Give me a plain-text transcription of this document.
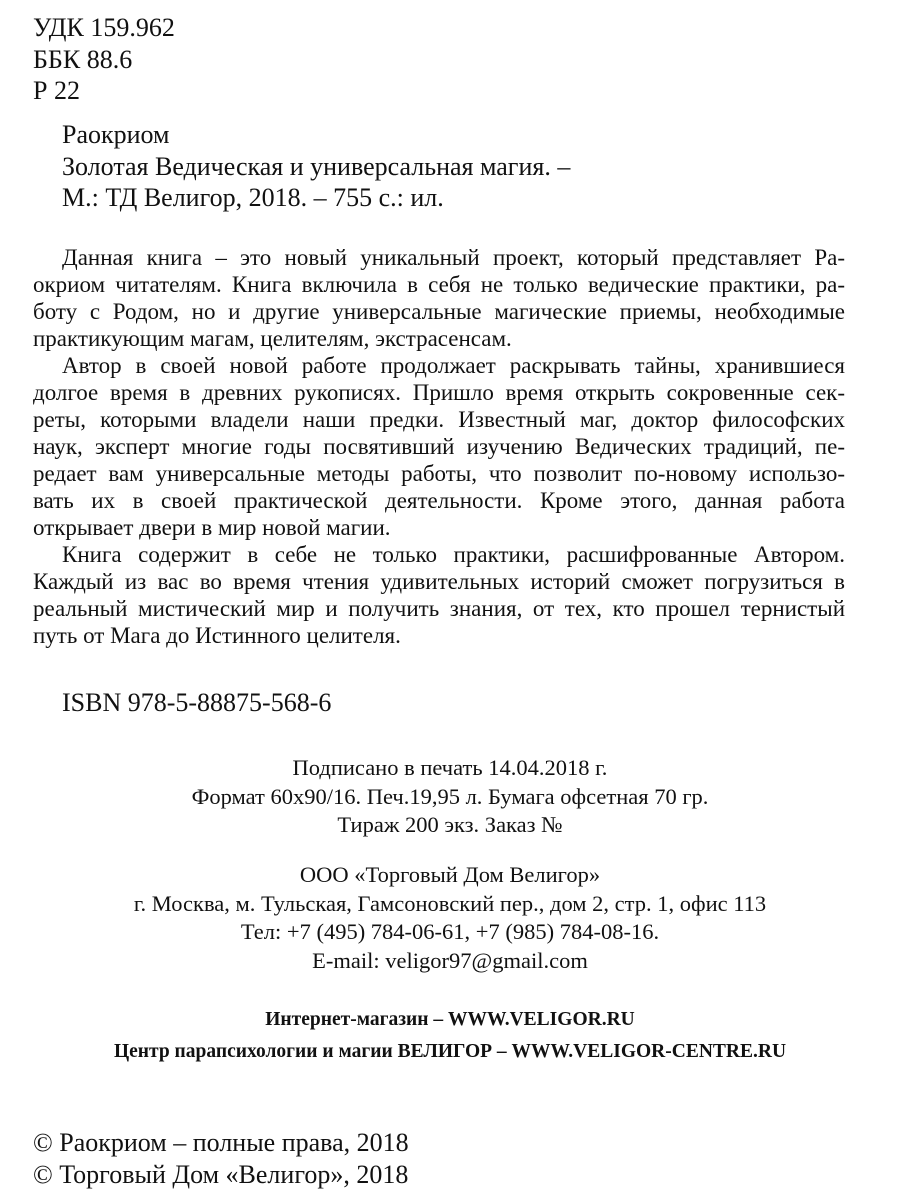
УДК 159.962
ББК 88.6
Р 22
Раокриом
Золотая Ведическая и универсальная магия. –
М.: ТД Велигор, 2018. – 755 с.: ил.
Данная книга – это новый уникальный проект, который представляет Ра-
окриом читателям. Книга включила в себя не только ведические практики, ра-
боту с Родом, но и другие универсальные магические приемы, необходимые
практикующим магам, целителям, экстрасенсам.
Автор в своей новой работе продолжает раскрывать тайны, хранившиеся
долгое время в древних рукописях. Пришло время открыть сокровенные сек-
реты, которыми владели наши предки. Известный маг, доктор философских
наук, эксперт многие годы посвятивший изучению Ведических традиций, пе-
редает вам универсальные методы работы, что позволит по-новому использо-
вать их в своей практической деятельности. Кроме этого, данная работа
открывает двери в мир новой магии.
Книга содержит в себе не только практики, расшифрованные Автором.
Каждый из вас во время чтения удивительных историй сможет погрузиться в
реальный мистический мир и получить знания, от тех, кто прошел тернистый
путь от Мага до Истинного целителя.
ISBN 978-5-88875-568-6
Подписано в печать 14.04.2018 г.
Формат 60x90/16. Печ.19,95 л. Бумага офсетная 70 гр.
Тираж 200 экз. Заказ №
ООО «Торговый Дом Велигор»
г. Москва, м. Тульская, Гамсоновский пер., дом 2, стр. 1, офис 113
Тел: +7 (495) 784-06-61, +7 (985) 784-08-16.
E-mail: veligor97@gmail.com
Интернет-магазин – WWW.VELIGOR.RU
Центр парапсихологии и магии ВЕЛИГОР – WWW.VELIGOR-CENTRE.RU
© Раокриом – полные права, 2018
© Торговый Дом «Велигор», 2018
